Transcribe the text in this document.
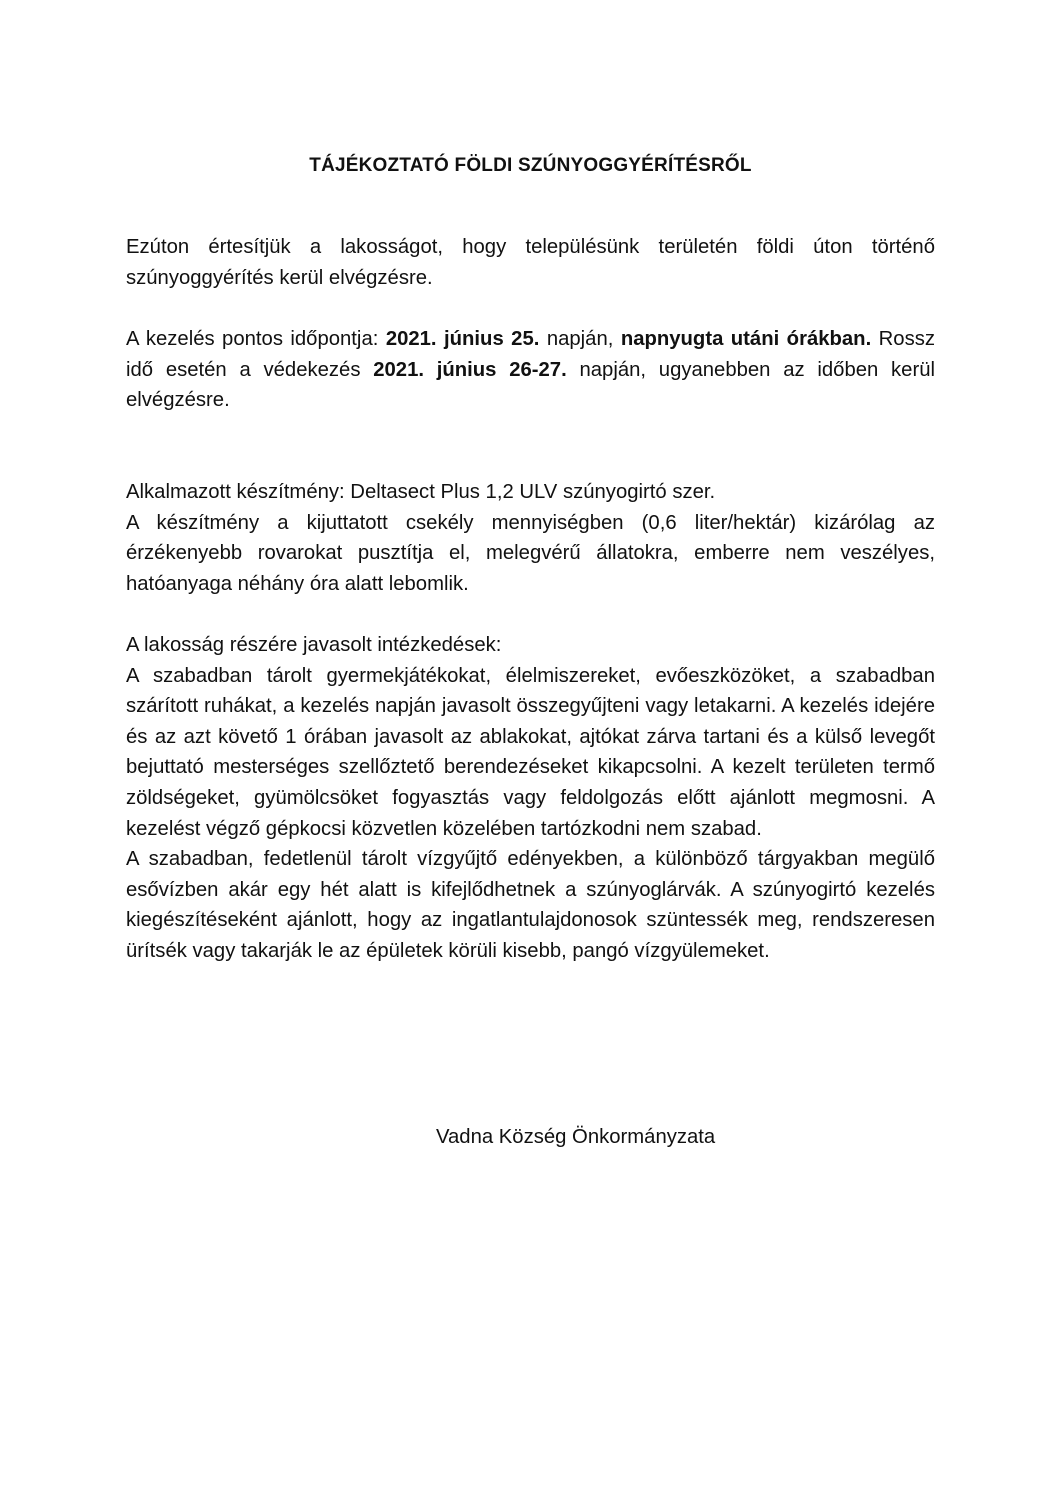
TÁJÉKOZTATÓ FÖLDI SZÚNYOGGYÉRÍTÉSRŐL

Ezúton értesítjük a lakosságot, hogy településünk területén földi úton történő szúnyoggyérítés kerül elvégzésre.

A kezelés pontos időpontja: 2021. június 25. napján, napnyugta utáni órákban. Rossz idő esetén a védekezés 2021. június 26-27. napján, ugyanebben az időben kerül elvégzésre.

Alkalmazott készítmény: Deltasect Plus 1,2 ULV szúnyogirtó szer.

A készítmény a kijuttatott csekély mennyiségben (0,6 liter/hektár) kizárólag az érzékenyebb rovarokat pusztítja el, melegvérű állatokra, emberre nem veszélyes, hatóanyaga néhány óra alatt lebomlik.

A lakosság részére javasolt intézkedések:

A szabadban tárolt gyermekjátékokat, élelmiszereket, evőeszközöket, a szabadban szárított ruhákat, a kezelés napján javasolt összegyűjteni vagy letakarni. A kezelés idejére és az azt követő 1 órában javasolt az ablakokat, ajtókat zárva tartani és a külső levegőt bejuttató mesterséges szellőztető berendezéseket kikapcsolni. A kezelt területen termő zöldségeket, gyümölcsöket fogyasztás vagy feldolgozás előtt ajánlott megmosni. A kezelést végző gépkocsi közvetlen közelében tartózkodni nem szabad.

A szabadban, fedetlenül tárolt vízgyűjtő edényekben, a különböző tárgyakban megülő esővízben akár egy hét alatt is kifejlődhetnek a szúnyoglárvák. A szúnyogirtó kezelés kiegészítéseként ajánlott, hogy az ingatlantulajdonosok szüntessék meg, rendszeresen ürítsék vagy takarják le az épületek körüli kisebb, pangó vízgyülemeket.

Vadna Község Önkormányzata
